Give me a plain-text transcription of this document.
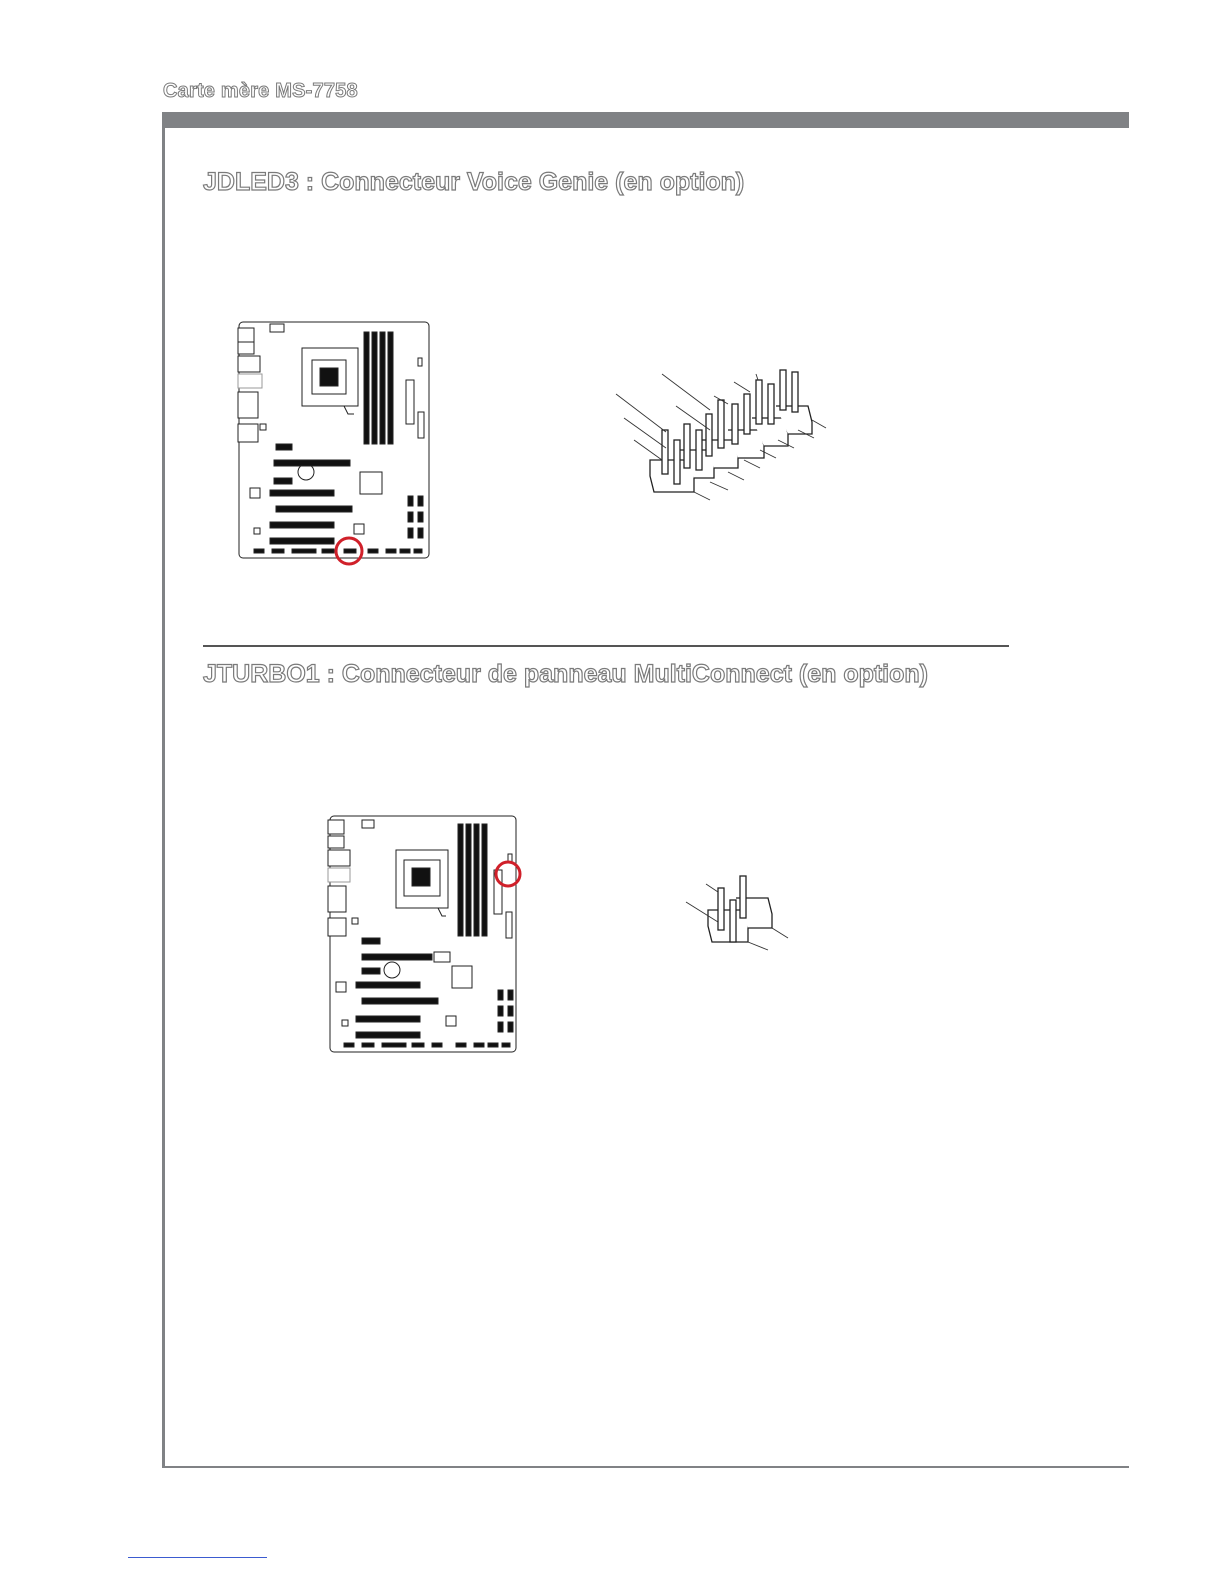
Carte mère MS-7758
JDLED3 : Connecteur Voice Genie (en option)
JTURBO1 : Connecteur de panneau MultiConnect (en option)
